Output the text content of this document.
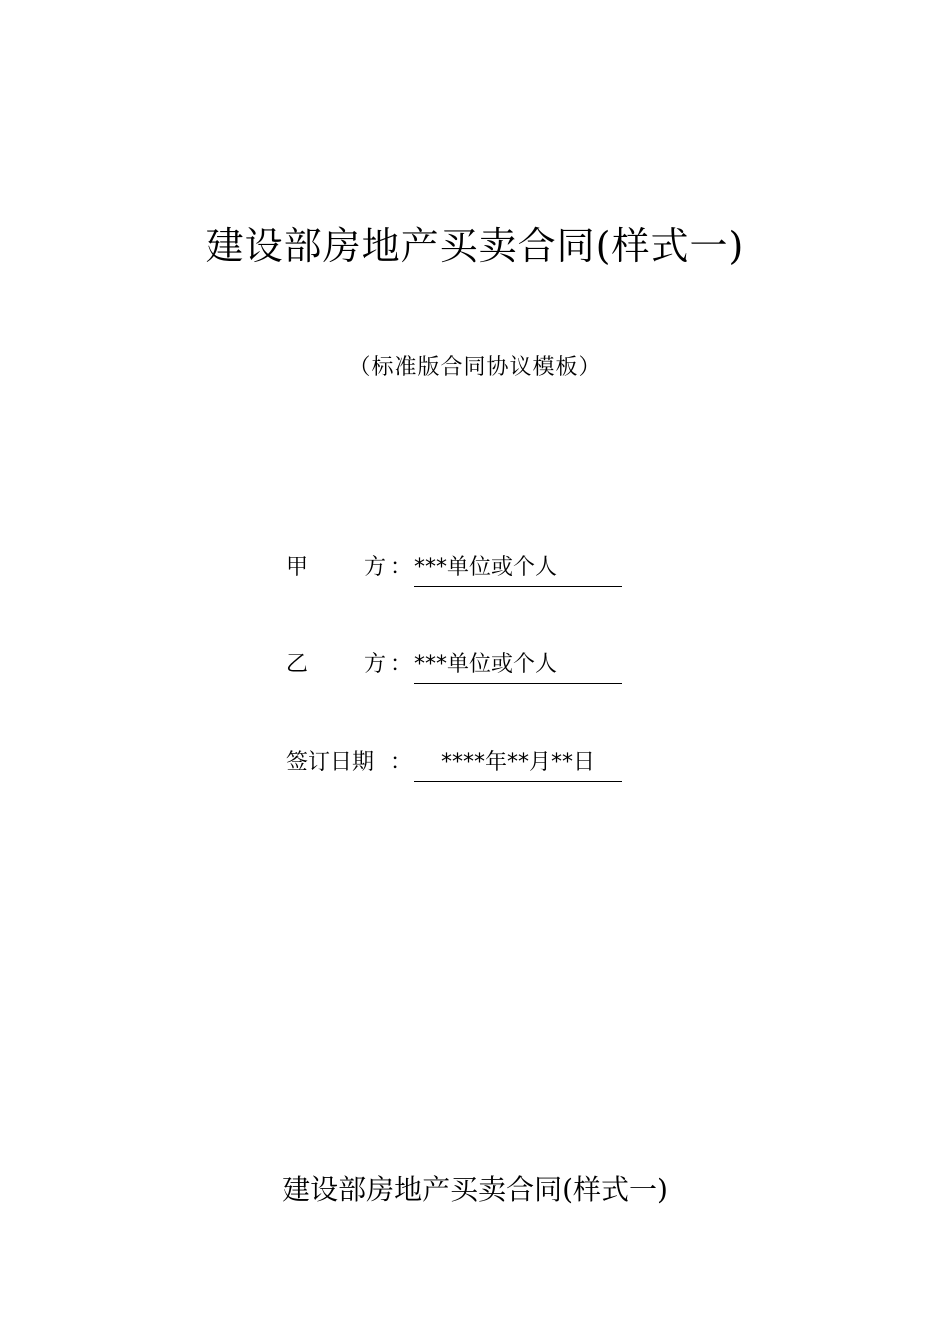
建设部房地产买卖合同(样式一)
（标准版合同协议模板）
甲	方 ： ***单位或个人
乙	方 ： ***单位或个人
签订日期 ：	****年**月**日
建设部房地产买卖合同(样式一)
